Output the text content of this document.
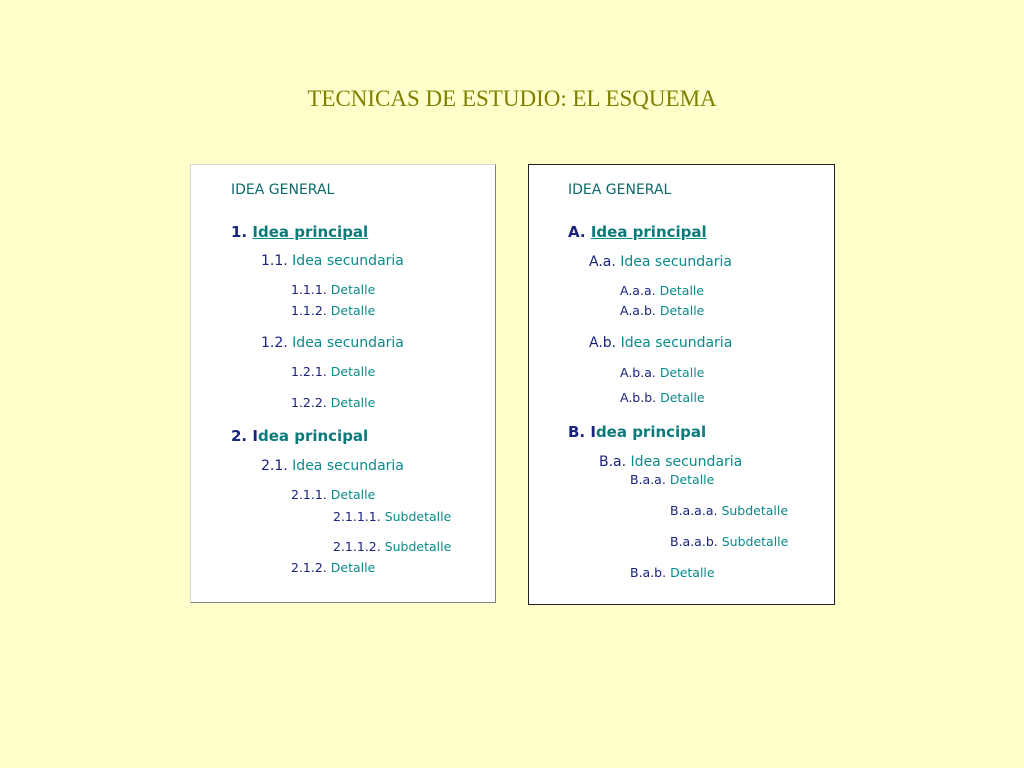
TECNICAS DE ESTUDIO: EL ESQUEMA
IDEA GENERAL
1. Idea principal
1.1. Idea secundaria
1.1.1. Detalle
1.1.2. Detalle
1.2. Idea secundaria
1.2.1. Detalle
1.2.2. Detalle
2. Idea principal
2.1. Idea secundaria
2.1.1. Detalle
2.1.1.1. Subdetalle
2.1.1.2. Subdetalle
2.1.2. Detalle
IDEA GENERAL
A. Idea principal
A.a. Idea secundaria
A.a.a. Detalle
A.a.b. Detalle
A.b. Idea secundaria
A.b.a. Detalle
A.b.b. Detalle
B. Idea principal
B.a. Idea secundaria
B.a.a. Detalle
B.a.a.a. Subdetalle
B.a.a.b. Subdetalle
B.a.b. Detalle
